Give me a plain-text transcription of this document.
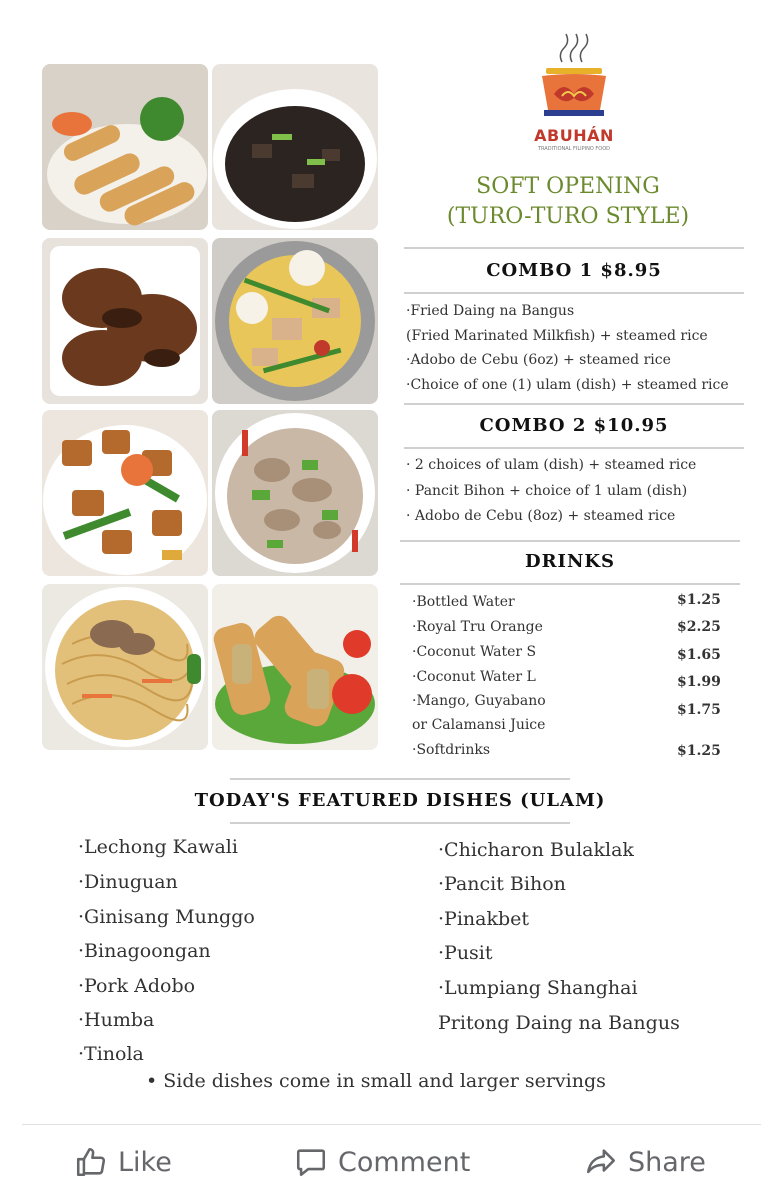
ABUHÁN
TRADITIONAL FILIPINO FOOD
SOFT OPENING
(TURO-TURO STYLE)
COMBO 1 $8.95
·Fried Daing na Bangus
(Fried Marinated Milkfish) + steamed rice
·Adobo de Cebu (6oz) + steamed rice
·Choice of one (1) ulam (dish) + steamed rice
COMBO 2 $10.95
· 2 choices of ulam (dish) + steamed rice
· Pancit Bihon + choice of 1 ulam (dish)
· Adobo de Cebu (8oz) + steamed rice
DRINKS
·Bottled Water
·Royal Tru Orange
·Coconut Water S
·Coconut Water L
·Mango, Guyabano
or Calamansi Juice
·Softdrinks
$1.25
$2.25
$1.65
$1.99
$1.75
$1.25
TODAY'S FEATURED DISHES (ULAM)
·Lechong Kawali
·Dinuguan
·Ginisang Munggo
·Binagoongan
·Pork Adobo
·Humba
·Tinola
·Chicharon Bulaklak
·Pancit Bihon
·Pinakbet
·Pusit
·Lumpiang Shanghai
Pritong Daing na Bangus
• Side dishes come in small and larger servings
Like	Comment	Share
